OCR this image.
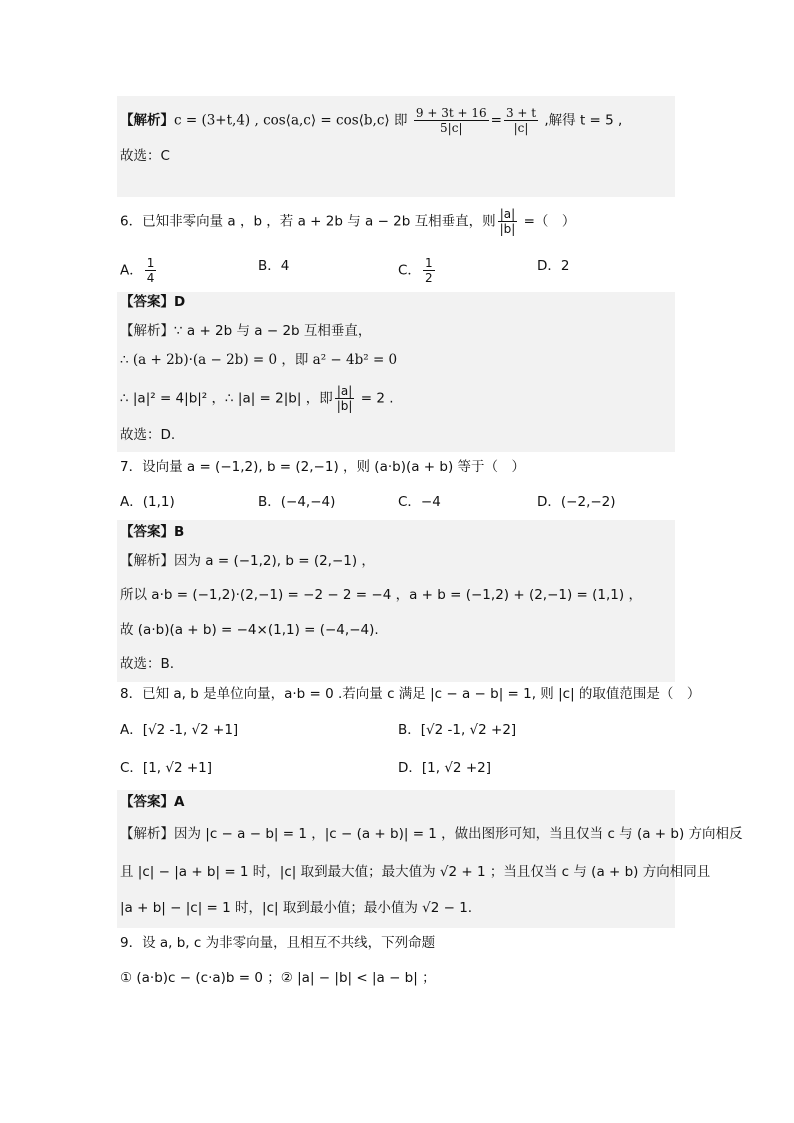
【解析】c = (3+t,4) , cos⟨a,c⟩ = cos⟨b,c⟩ 即 $\frac{9 + 3t + 16}{5|c|} = \frac{3 + t}{|c|}$ ,解得 t = 5 ,
故选：C
6．已知非零向量 a ，b ，若 a + 2b 与 a − 2b 互相垂直，则 $\frac{|a|}{|b|}$ =（　）
A． $\frac{1}{4}$	B．4	C． $\frac{1}{2}$	D．2
【答案】D
【解析】∵ a + 2b 与 a − 2b 互相垂直，
∴ (a + 2b)·(a − 2b) = 0 ，即 a² − 4b² = 0
∴ |a|² = 4|b|² ，∴ |a| = 2|b| ，即 $\frac{|a|}{|b|} = 2$ .
故选：D.
7．设向量 a = (−1,2), b = (2,−1) ，则 (a·b)(a + b) 等于（　）
A．(1,1)	B．(−4,−4)	C．−4	D．(−2,−2)
【答案】B
【解析】因为 a = (−1,2), b = (2,−1) ，
所以 a·b = (−1,2)·(2,−1) = −2 − 2 = −4 ，a + b = (−1,2) + (2,−1) = (1,1) ，
故 (a·b)(a + b) = −4×(1,1) = (−4,−4).
故选：B.
8．已知 a, b 是单位向量，a·b = 0 .若向量 c 满足 |c − a − b| = 1, 则 |c| 的取值范围是（　）
A．[√2 -1, √2 +1]	B．[√2 -1, √2 +2]
C．[1, √2 +1]	D．[1, √2 +2]
【答案】A
【解析】因为 |c − a − b| = 1 ，|c − (a + b)| = 1 ，做出图形可知，当且仅当 c 与 (a + b) 方向相反
且 |c| − |a + b| = 1 时，|c| 取到最大值；最大值为 √2 + 1 ；当且仅当 c 与 (a + b) 方向相同且
|a + b| − |c| = 1 时，|c| 取到最小值；最小值为 √2 − 1.
9．设 a, b, c 为非零向量，且相互不共线，下列命题
① (a·b)c − (c·a)b = 0 ；② |a| − |b| < |a − b| ；
